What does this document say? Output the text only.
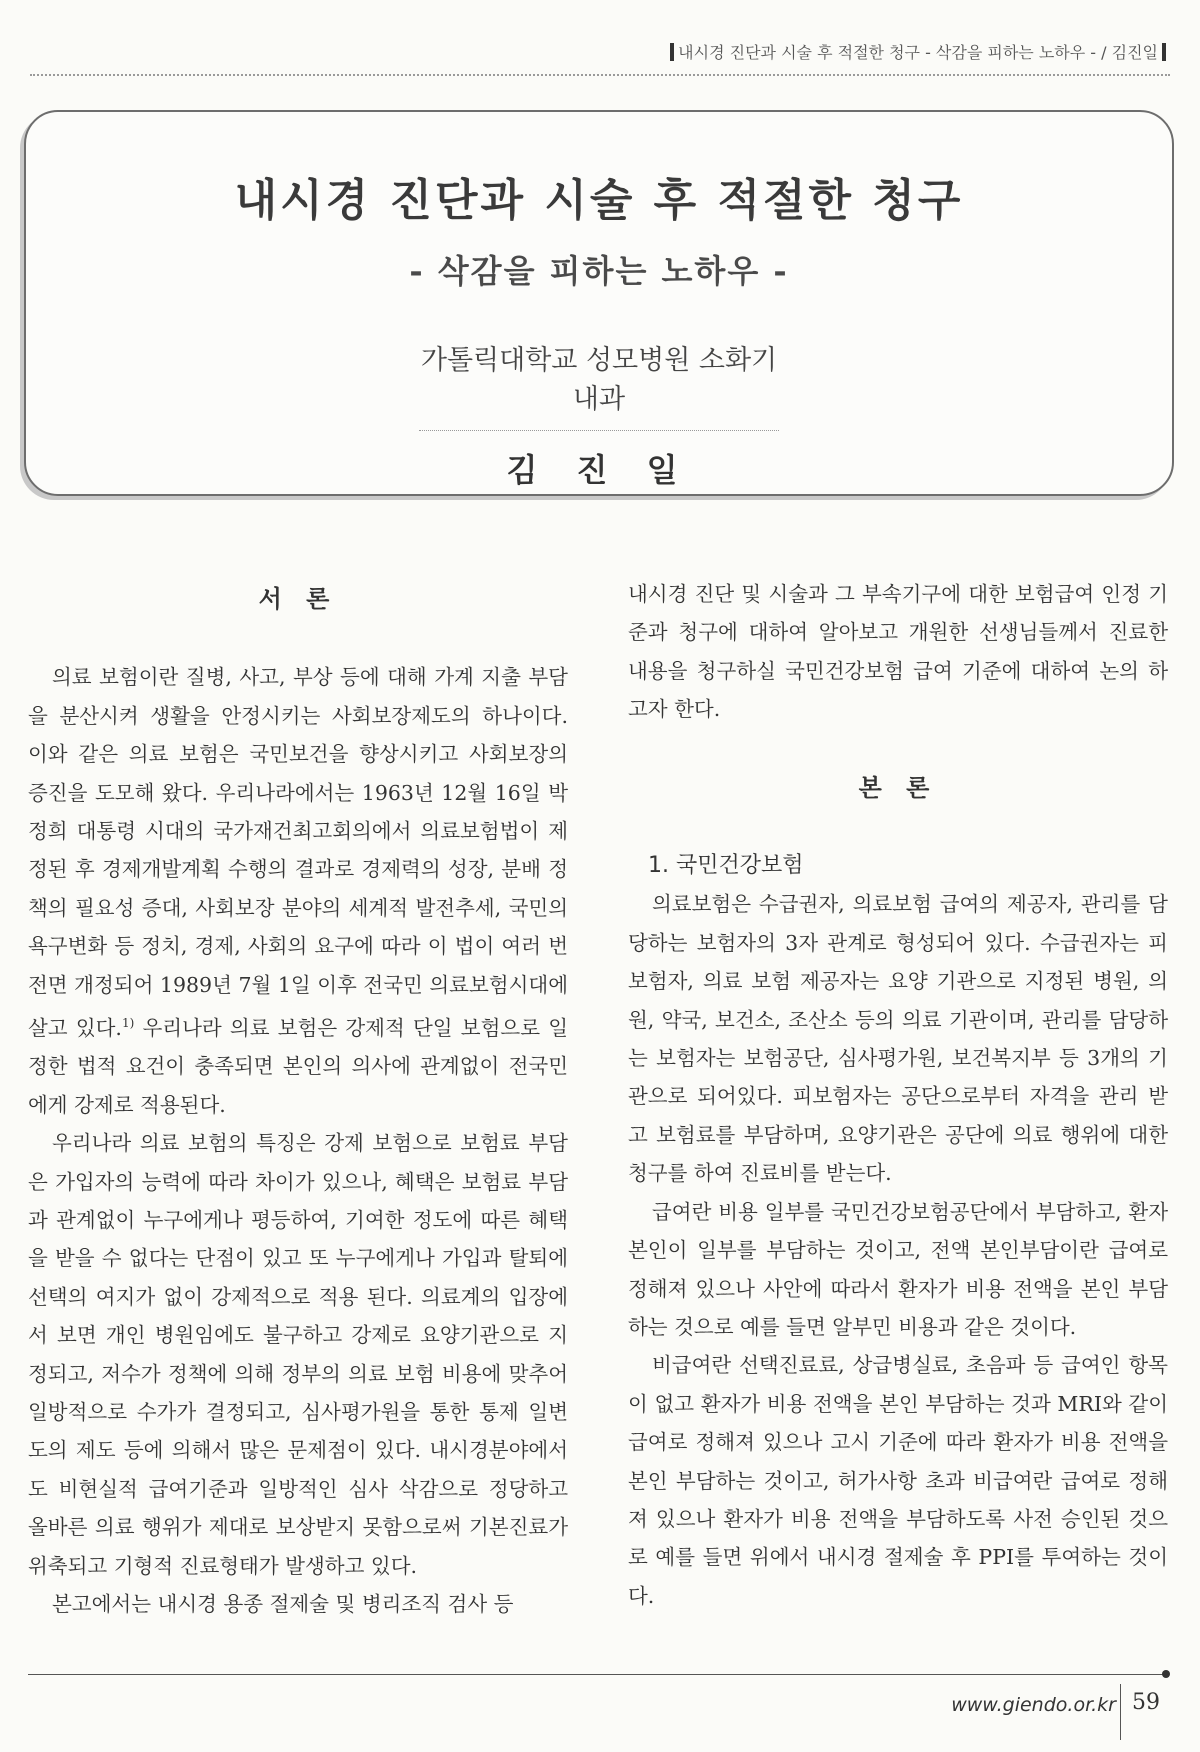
내시경 진단과 시술 후 적절한 청구 - 삭감을 피하는 노하우 - / 김진일
내시경 진단과 시술 후 적절한 청구
- 삭감을 피하는 노하우 -
가톨릭대학교 성모병원 소화기내과
김 진 일
서 론

의료 보험이란 질병, 사고, 부상 등에 대해 가계 지출 부담을 분산시켜 생활을 안정시키는 사회보장제도의 하나이다. 이와 같은 의료 보험은 국민보건을 향상시키고 사회보장의 증진을 도모해 왔다. 우리나라에서는 1963년 12월 16일 박정희 대통령 시대의 국가재건최고회의에서 의료보험법이 제정된 후 경제개발계획 수행의 결과로 경제력의 성장, 분배 정책의 필요성 증대, 사회보장 분야의 세계적 발전추세, 국민의 욕구변화 등 정치, 경제, 사회의 요구에 따라 이 법이 여러 번 전면 개정되어 1989년 7월 1일 이후 전국민 의료보험시대에 살고 있다.$^{1)}$ 우리나라 의료 보험은 강제적 단일 보험으로 일정한 법적 요건이 충족되면 본인의 의사에 관계없이 전국민에게 강제로 적용된다.

우리나라 의료 보험의 특징은 강제 보험으로 보험료 부담은 가입자의 능력에 따라 차이가 있으나, 혜택은 보험료 부담과 관계없이 누구에게나 평등하여, 기여한 정도에 따른 혜택을 받을 수 없다는 단점이 있고 또 누구에게나 가입과 탈퇴에 선택의 여지가 없이 강제적으로 적용 된다. 의료계의 입장에서 보면 개인 병원임에도 불구하고 강제로 요양기관으로 지정되고, 저수가 정책에 의해 정부의 의료 보험 비용에 맞추어 일방적으로 수가가 결정되고, 심사평가원을 통한 통제 일변도의 제도 등에 의해서 많은 문제점이 있다. 내시경분야에서도 비현실적 급여기준과 일방적인 심사 삭감으로 정당하고 올바른 의료 행위가 제대로 보상받지 못함으로써 기본진료가 위축되고 기형적 진료형태가 발생하고 있다.

본고에서는 내시경 용종 절제술 및 병리조직 검사 등

내시경 진단 및 시술과 그 부속기구에 대한 보험급여 인정 기준과 청구에 대하여 알아보고 개원한 선생님들께서 진료한 내용을 청구하실 국민건강보험 급여 기준에 대하여 논의 하고자 한다.

본 론
1. 국민건강보험

의료보험은 수급권자, 의료보험 급여의 제공자, 관리를 담당하는 보험자의 3자 관계로 형성되어 있다. 수급권자는 피 보험자, 의료 보험 제공자는 요양 기관으로 지정된 병원, 의원, 약국, 보건소, 조산소 등의 의료 기관이며, 관리를 담당하는 보험자는 보험공단, 심사평가원, 보건복지부 등 3개의 기관으로 되어있다. 피보험자는 공단으로부터 자격을 관리 받고 보험료를 부담하며, 요양기관은 공단에 의료 행위에 대한 청구를 하여 진료비를 받는다.

급여란 비용 일부를 국민건강보험공단에서 부담하고, 환자 본인이 일부를 부담하는 것이고, 전액 본인부담이란 급여로 정해져 있으나 사안에 따라서 환자가 비용 전액을 본인 부담하는 것으로 예를 들면 알부민 비용과 같은 것이다.

비급여란 선택진료료, 상급병실료, 초음파 등 급여인 항목이 없고 환자가 비용 전액을 본인 부담하는 것과 MRI와 같이 급여로 정해져 있으나 고시 기준에 따라 환자가 비용 전액을 본인 부담하는 것이고, 허가사항 초과 비급여란 급여로 정해져 있으나 환자가 비용 전액을 부담하도록 사전 승인된 것으로 예를 들면 위에서 내시경 절제술 후 PPI를 투여하는 것이다.

www.giendo.or.kr 59
